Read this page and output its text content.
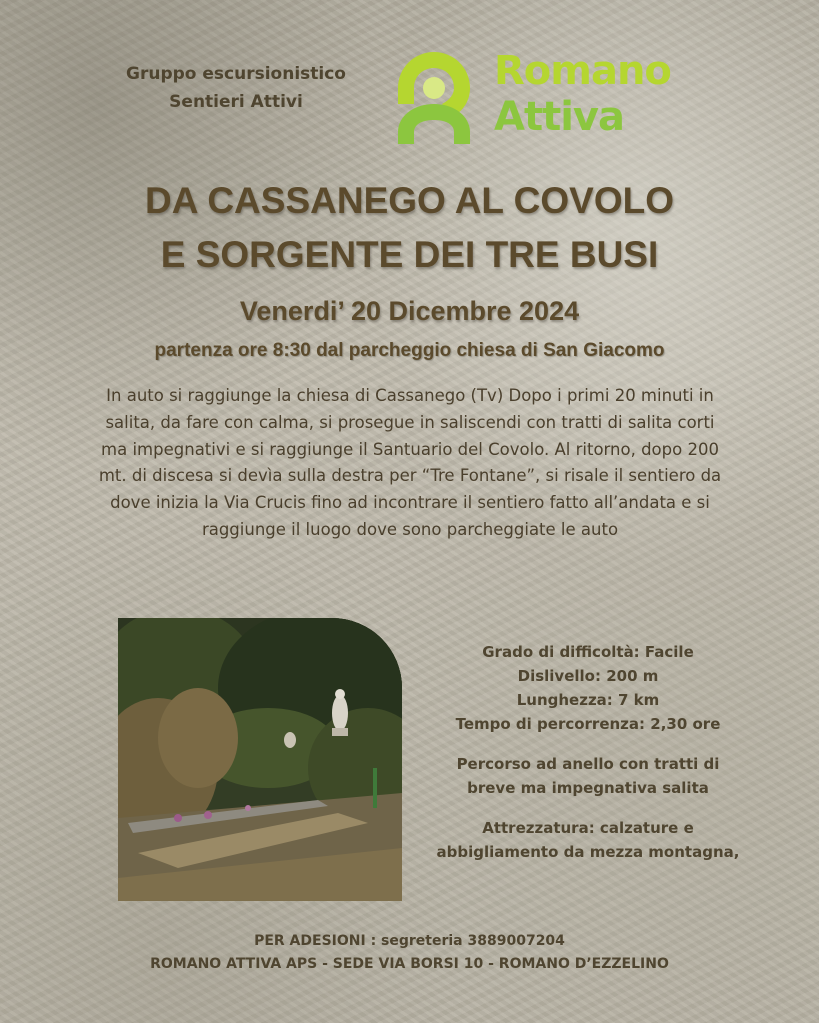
Gruppo escursionistico
Sentieri Attivi

Romano
Attiva
DA CASSANEGO AL COVOLO
E SORGENTE DEI TRE BUSI
Venerdi’ 20 Dicembre 2024

partenza ore 8:30 dal parcheggio chiesa di San Giacomo

In auto si raggiunge la chiesa di Cassanego (Tv) Dopo i primi 20 minuti in salita, da fare con calma, si prosegue in saliscendi con tratti di salita corti ma impegnativi e si raggiunge il Santuario del Covolo. Al ritorno, dopo 200 mt. di discesa si devìa sulla destra per “Tre Fontane”, si risale il sentiero da dove inizia la Via Crucis fino ad incontrare il sentiero fatto all’andata e si raggiunge il luogo dove sono parcheggiate le auto

Grado di difficoltà: Facile

Dislivello: 200 m

Lunghezza: 7 km

Tempo di percorrenza: 2,30 ore

Percorso ad anello con tratti di

breve ma impegnativa salita

Attrezzatura: calzature e

abbigliamento da mezza montagna,

PER ADESIONI : segreteria 3889007204

ROMANO ATTIVA APS - SEDE VIA BORSI 10 - ROMANO D’EZZELINO
